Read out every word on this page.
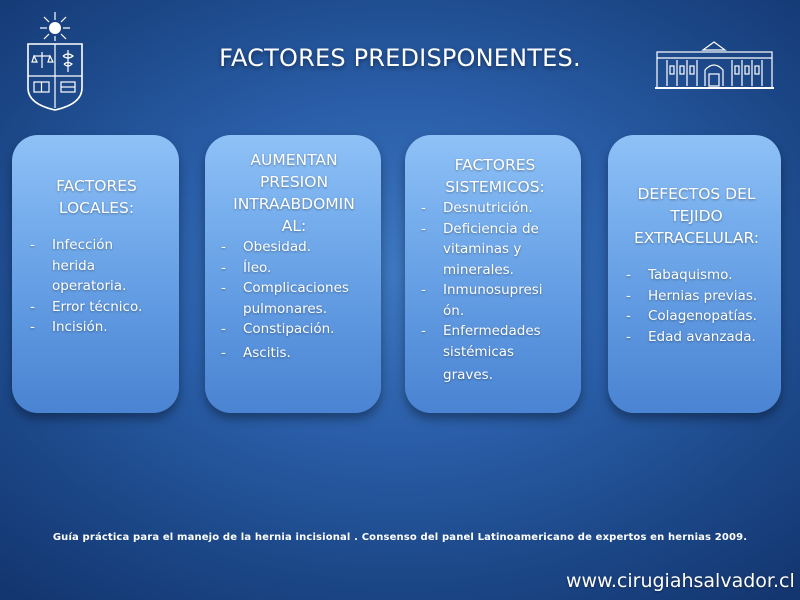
FACTORES PREDISPONENTES.
FACTORES
LOCALES:
- Infección
herida
operatoria.
- Error técnico.
- Incisión.
AUMENTAN
PRESION
INTRAABDOMIN
AL:
- Obesidad.
- Íleo.
- Complicaciones
pulmonares.
- Constipación.
- Ascitis.
FACTORES
SISTEMICOS:
- Desnutrición.
- Deficiencia de
vitaminas y
minerales.
- Inmunosupresi
ón.
- Enfermedades
sistémicas
graves.
DEFECTOS DEL
TEJIDO
EXTRACELULAR:
- Tabaquismo.
- Hernias previas.
- Colagenopatías.
- Edad avanzada.
Guía práctica para el manejo de la hernia incisional . Consenso del panel Latinoamericano de expertos en hernias 2009.
www.cirugiahsalvador.cl
